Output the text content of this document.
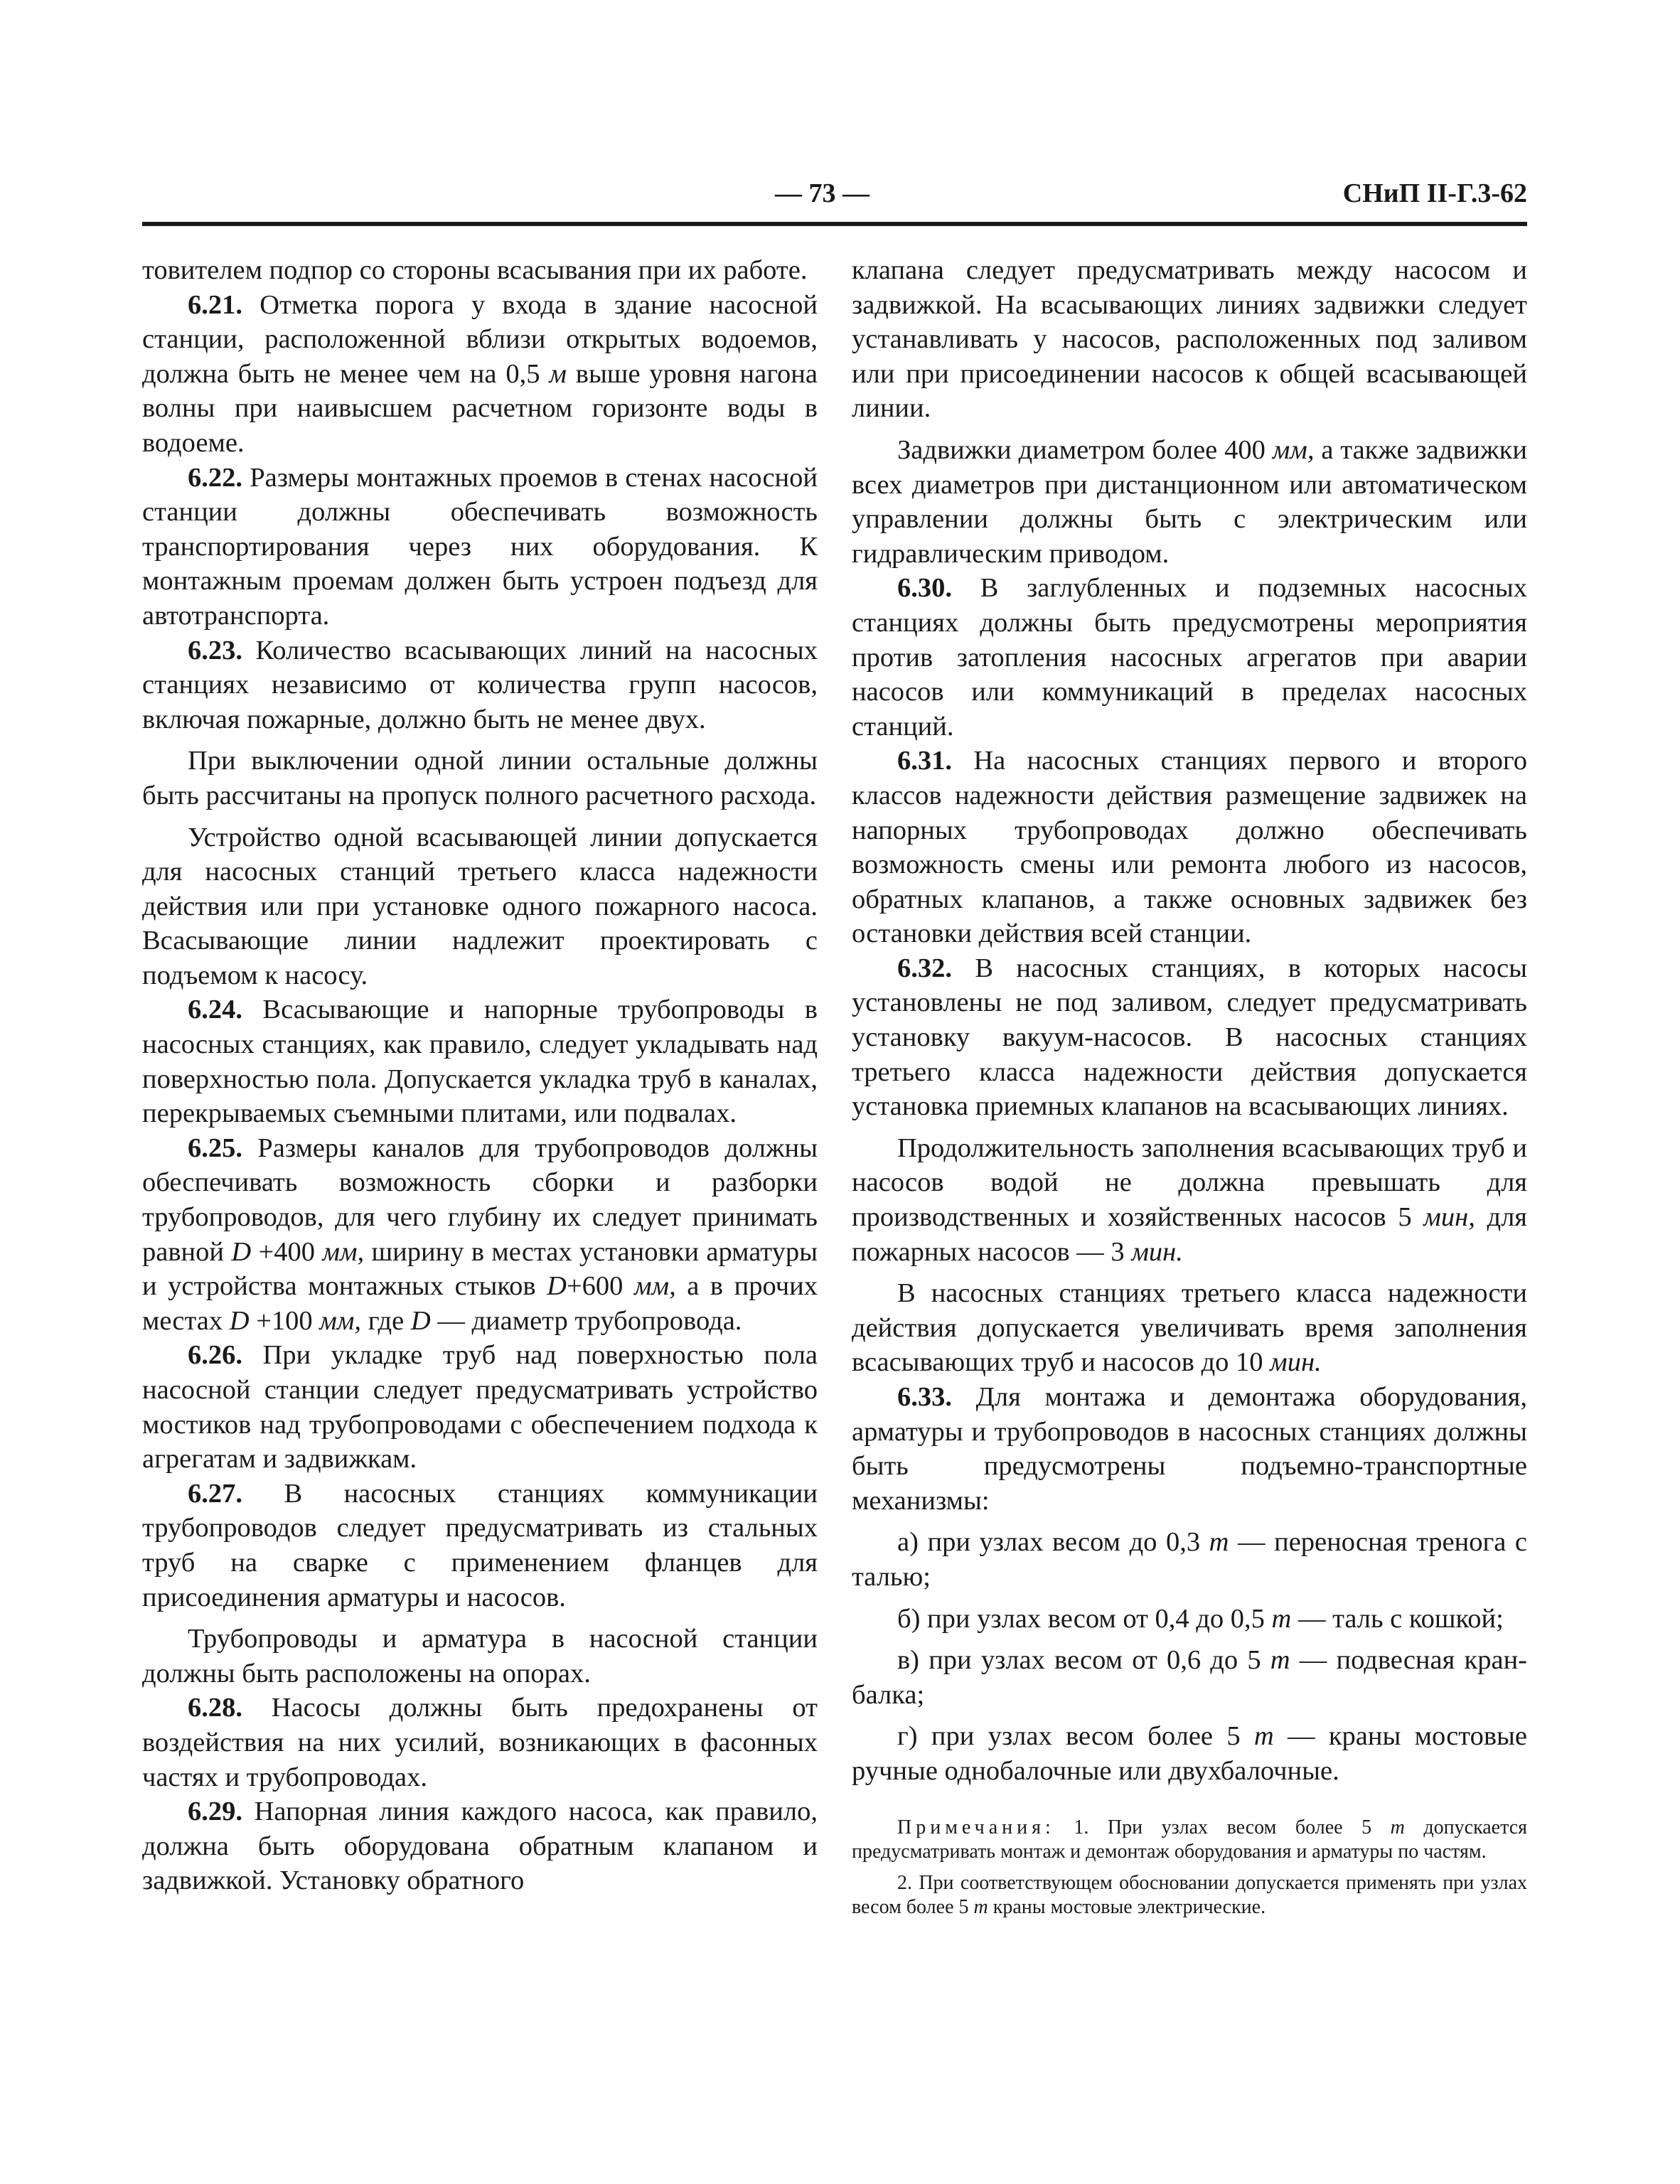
— 73 —	СНиП II-Г.3-62

товителем подпор со стороны всасывания при их работе.

6.21. Отметка порога у входа в здание насосной станции, расположенной вблизи открытых водоемов, должна быть не менее чем на 0,5 м выше уровня нагона волны при наивысшем расчетном горизонте воды в водоеме.

6.22. Размеры монтажных проемов в стенах насосной станции должны обеспечивать возможность транспортирования через них оборудования. К монтажным проемам должен быть устроен подъезд для автотранспорта.

6.23. Количество всасывающих линий на насосных станциях независимо от количества групп насосов, включая пожарные, должно быть не менее двух.

При выключении одной линии остальные должны быть рассчитаны на пропуск полного расчетного расхода.

Устройство одной всасывающей линии допускается для насосных станций третьего класса надежности действия или при установке одного пожарного насоса. Всасывающие линии надлежит проектировать с подъемом к насосу.

6.24. Всасывающие и напорные трубопроводы в насосных станциях, как правило, следует укладывать над поверхностью пола. Допускается укладка труб в каналах, перекрываемых съемными плитами, или подвалах.

6.25. Размеры каналов для трубопроводов должны обеспечивать возможность сборки и разборки трубопроводов, для чего глубину их следует принимать равной D +400 мм, ширину в местах установки арматуры и устройства монтажных стыков D+600 мм, а в прочих местах D +100 мм, где D — диаметр трубопровода.

6.26. При укладке труб над поверхностью пола насосной станции следует предусматривать устройство мостиков над трубопроводами с обеспечением подхода к агрегатам и задвижкам.

6.27. В насосных станциях коммуникации трубопроводов следует предусматривать из стальных труб на сварке с применением фланцев для присоединения арматуры и насосов.

Трубопроводы и арматура в насосной станции должны быть расположены на опорах.

6.28. Насосы должны быть предохранены от воздействия на них усилий, возникающих в фасонных частях и трубопроводах.

6.29. Напорная линия каждого насоса, как правило, должна быть оборудована обратным клапаном и задвижкой. Установку обратного

клапана следует предусматривать между насосом и задвижкой. На всасывающих линиях задвижки следует устанавливать у насосов, расположенных под заливом или при присоединении насосов к общей всасывающей линии.

Задвижки диаметром более 400 мм, а также задвижки всех диаметров при дистанционном или автоматическом управлении должны быть с электрическим или гидравлическим приводом.

6.30. В заглубленных и подземных насосных станциях должны быть предусмотрены мероприятия против затопления насосных агрегатов при аварии насосов или коммуникаций в пределах насосных станций.

6.31. На насосных станциях первого и второго классов надежности действия размещение задвижек на напорных трубопроводах должно обеспечивать возможность смены или ремонта любого из насосов, обратных клапанов, а также основных задвижек без остановки действия всей станции.

6.32. В насосных станциях, в которых насосы установлены не под заливом, следует предусматривать установку вакуум-насосов. В насосных станциях третьего класса надежности действия допускается установка приемных клапанов на всасывающих линиях.

Продолжительность заполнения всасывающих труб и насосов водой не должна превышать для производственных и хозяйственных насосов 5 мин, для пожарных насосов — 3 мин.

В насосных станциях третьего класса надежности действия допускается увеличивать время заполнения всасывающих труб и насосов до 10 мин.

6.33. Для монтажа и демонтажа оборудования, арматуры и трубопроводов в насосных станциях должны быть предусмотрены подъемно-транспортные механизмы:

а) при узлах весом до 0,3 т — переносная тренога с талью;

б) при узлах весом от 0,4 до 0,5 т — таль с кошкой;

в) при узлах весом от 0,6 до 5 т — подвесная кран-балка;

г) при узлах весом более 5 т — краны мостовые ручные однобалочные или двухбалочные.

Примечания: 1. При узлах весом более 5 т допускается предусматривать монтаж и демонтаж оборудования и арматуры по частям.

2. При соответствующем обосновании допускается применять при узлах весом более 5 т краны мостовые электрические.
